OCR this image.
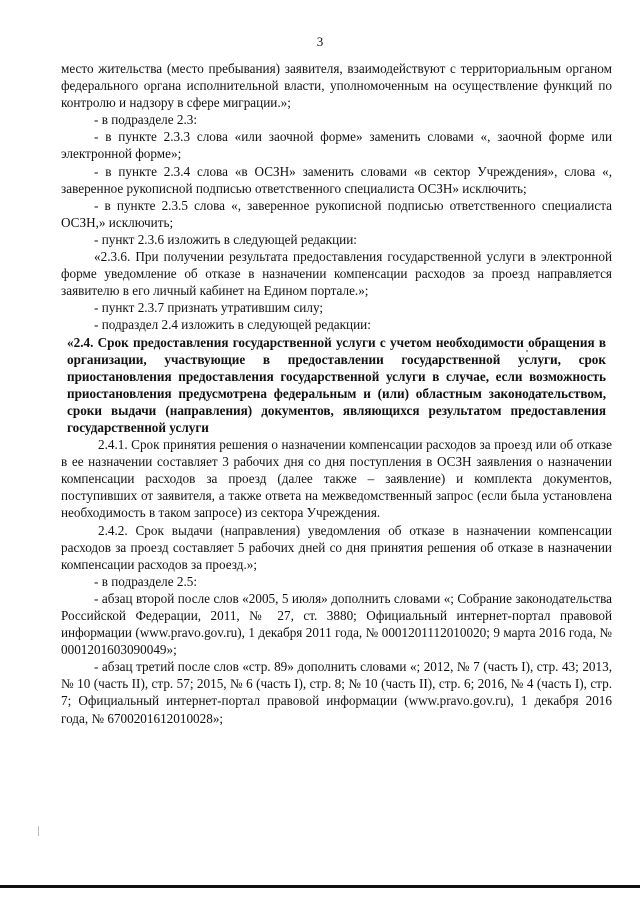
3

место жительства (место пребывания) заявителя, взаимодействуют с территориальным органом федерального органа исполнительной власти, уполномоченным на осуществление функций по контролю и надзору в сфере миграции.»;

- в подразделе 2.3:

- в пункте 2.3.3 слова «или заочной форме» заменить словами «, заочной форме или электронной форме»;

- в пункте 2.3.4 слова «в ОСЗН» заменить словами «в сектор Учреждения», слова «, заверенное рукописной подписью ответственного специалиста ОСЗН» исключить;

- в пункте 2.3.5 слова «, заверенное рукописной подписью ответственного специалиста ОСЗН,» исключить;

- пункт 2.3.6 изложить в следующей редакции:

«2.3.6. При получении результата предоставления государственной услуги в электронной форме уведомление об отказе в назначении компенсации расходов за проезд направляется заявителю в его личный кабинет на Едином портале.»;

- пункт 2.3.7 признать утратившим силу;

- подраздел 2.4 изложить в следующей редакции:

«2.4. Срок предоставления государственной услуги с учетом необходимости обращения в организации, участвующие в предоставлении государственной услуги, срок приостановления предоставления государственной услуги в случае, если возможность приостановления предусмотрена федеральным и (или) областным законодательством, сроки выдачи (направления) документов, являющихся результатом предоставления государственной услуги

2.4.1. Срок принятия решения о назначении компенсации расходов за проезд или об отказе в ее назначении составляет 3 рабочих дня со дня поступления в ОСЗН заявления о назначении компенсации расходов за проезд (далее также – заявление) и комплекта документов, поступивших от заявителя, а также ответа на межведомственный запрос (если была установлена необходимость в таком запросе) из сектора Учреждения.

2.4.2. Срок выдачи (направления) уведомления об отказе в назначении компенсации расходов за проезд составляет 5 рабочих дней со дня принятия решения об отказе в назначении компенсации расходов за проезд.»;

- в подразделе 2.5:

- абзац второй после слов «2005, 5 июля» дополнить словами «; Собрание законодательства Российской Федерации, 2011, № 27, ст. 3880; Официальный интернет-портал правовой информации (www.pravo.gov.ru), 1 декабря 2011 года, № 0001201112010020; 9 марта 2016 года, № 0001201603090049»;

- абзац третий после слов «стр. 89» дополнить словами «; 2012, № 7 (часть I), стр. 43; 2013, № 10 (часть II), стр. 57; 2015, № 6 (часть I), стр. 8; № 10 (часть II), стр. 6; 2016, № 4 (часть I), стр. 7; Официальный интернет-портал правовой информации (www.pravo.gov.ru), 1 декабря 2016 года, № 6700201612010028»;
